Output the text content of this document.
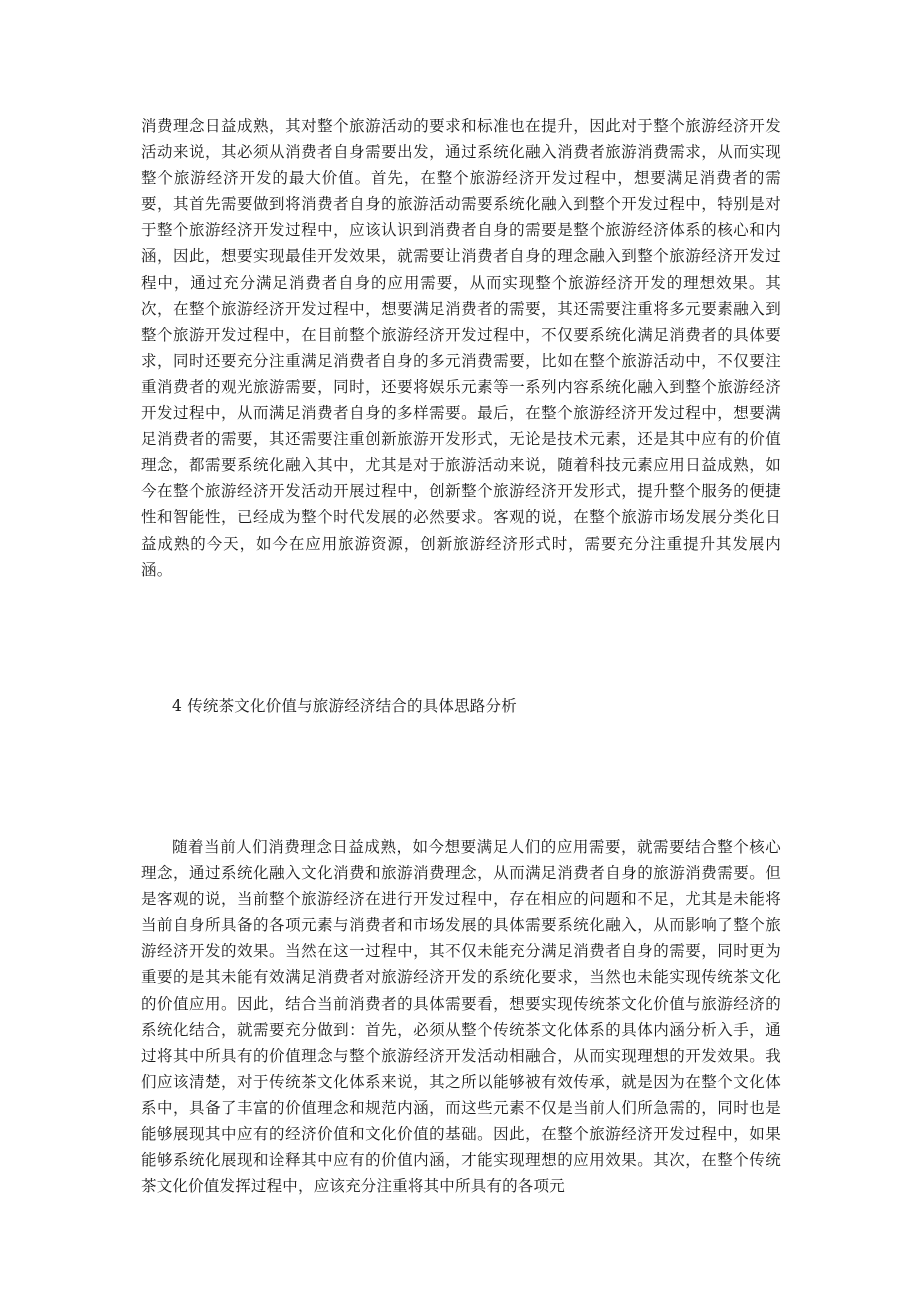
消费理念日益成熟，其对整个旅游活动的要求和标准也在提升，因此对于整个旅游经济开发活动来说，其必须从消费者自身需要出发，通过系统化融入消费者旅游消费需求，从而实现整个旅游经济开发的最大价值。首先，在整个旅游经济开发过程中，想要满足消费者的需要，其首先需要做到将消费者自身的旅游活动需要系统化融入到整个开发过程中，特别是对于整个旅游经济开发过程中，应该认识到消费者自身的需要是整个旅游经济体系的核心和内涵，因此，想要实现最佳开发效果，就需要让消费者自身的理念融入到整个旅游经济开发过程中，通过充分满足消费者自身的应用需要，从而实现整个旅游经济开发的理想效果。其次，在整个旅游经济开发过程中，想要满足消费者的需要，其还需要注重将多元要素融入到整个旅游开发过程中，在目前整个旅游经济开发过程中，不仅要系统化满足消费者的具体要求，同时还要充分注重满足消费者自身的多元消费需要，比如在整个旅游活动中，不仅要注重消费者的观光旅游需要，同时，还要将娱乐元素等一系列内容系统化融入到整个旅游经济开发过程中，从而满足消费者自身的多样需要。最后，在整个旅游经济开发过程中，想要满足消费者的需要，其还需要注重创新旅游开发形式，无论是技术元素，还是其中应有的价值理念，都需要系统化融入其中，尤其是对于旅游活动来说，随着科技元素应用日益成熟，如今在整个旅游经济开发活动开展过程中，创新整个旅游经济开发形式，提升整个服务的便捷性和智能性，已经成为整个时代发展的必然要求。客观的说，在整个旅游市场发展分类化日益成熟的今天，如今在应用旅游资源，创新旅游经济形式时，需要充分注重提升其发展内涵。

4 传统茶文化价值与旅游经济结合的具体思路分析

随着当前人们消费理念日益成熟，如今想要满足人们的应用需要，就需要结合整个核心理念，通过系统化融入文化消费和旅游消费理念，从而满足消费者自身的旅游消费需要。但是客观的说，当前整个旅游经济在进行开发过程中，存在相应的问题和不足，尤其是未能将当前自身所具备的各项元素与消费者和市场发展的具体需要系统化融入，从而影响了整个旅游经济开发的效果。当然在这一过程中，其不仅未能充分满足消费者自身的需要，同时更为重要的是其未能有效满足消费者对旅游经济开发的系统化要求，当然也未能实现传统茶文化的价值应用。因此，结合当前消费者的具体需要看，想要实现传统茶文化价值与旅游经济的系统化结合，就需要充分做到：首先，必须从整个传统茶文化体系的具体内涵分析入手，通过将其中所具有的价值理念与整个旅游经济开发活动相融合，从而实现理想的开发效果。我们应该清楚，对于传统茶文化体系来说，其之所以能够被有效传承，就是因为在整个文化体系中，具备了丰富的价值理念和规范内涵，而这些元素不仅是当前人们所急需的，同时也是能够展现其中应有的经济价值和文化价值的基础。因此，在整个旅游经济开发过程中，如果能够系统化展现和诠释其中应有的价值内涵，才能实现理想的应用效果。其次，在整个传统茶文化价值发挥过程中，应该充分注重将其中所具有的各项元
